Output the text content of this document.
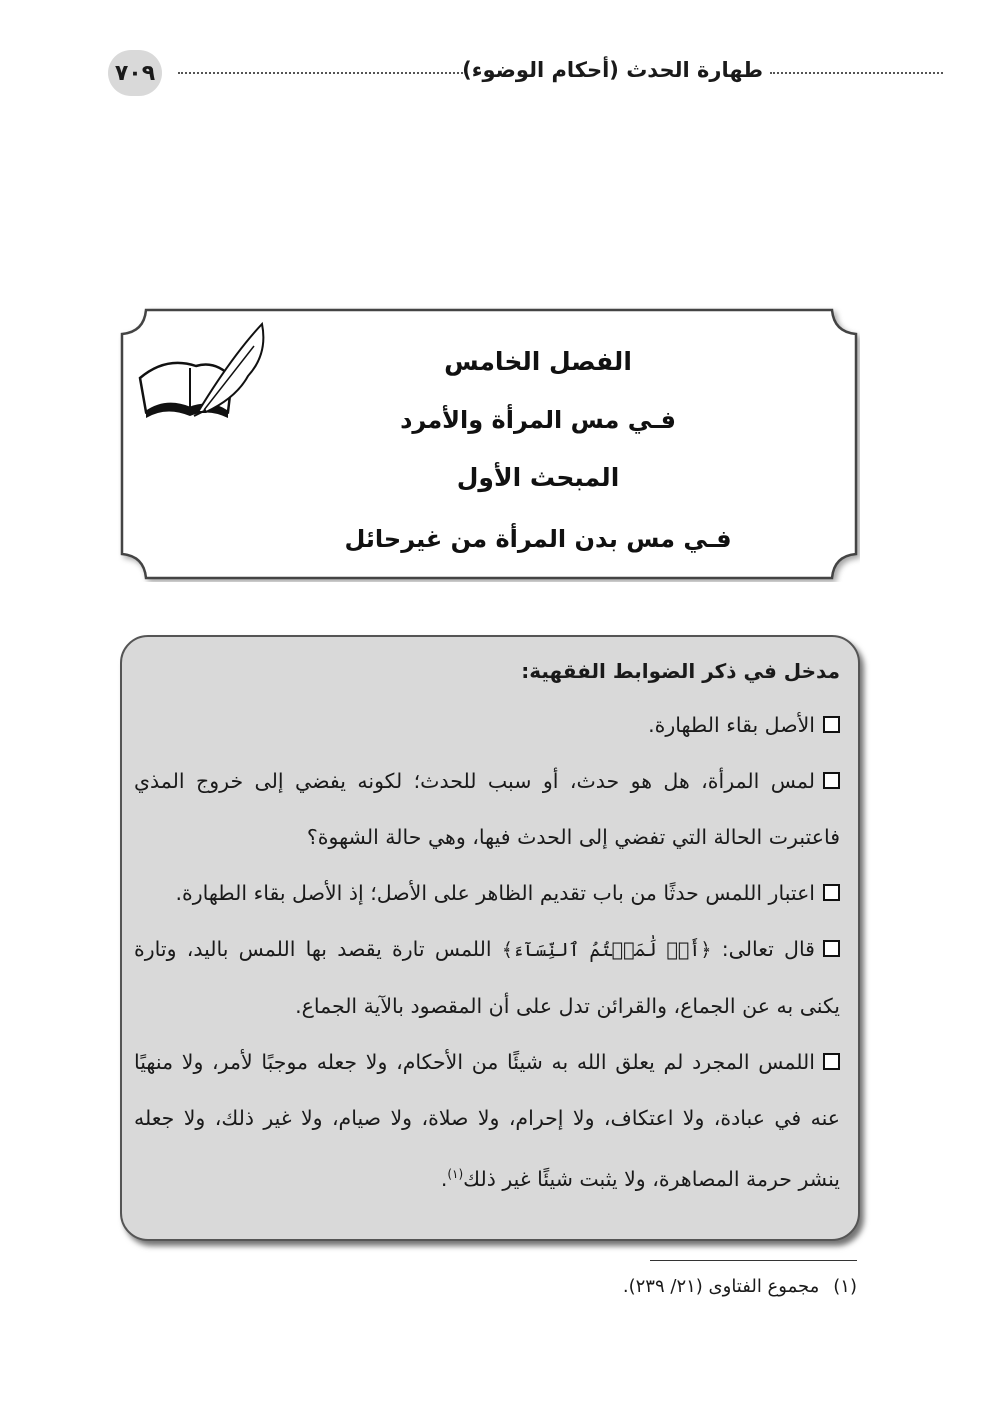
٧٠٩	طهارة الحدث (أحكام الوضوء)
الفصل الخامس
فـي مس المرأة والأمرد
المبحث الأول
فـي مس بدن المرأة من غيرحائل
مدخل في ذكر الضوابط الفقهية:

الأصل بقاء الطهارة.

لمس المرأة، هل هو حدث، أو سبب للحدث؛ لكونه يفضي إلى خروج المذي فاعتبرت الحالة التي تفضي إلى الحدث فيها، وهي حالة الشهوة؟

اعتبار اللمس حدثًا من باب تقديم الظاهر على الأصل؛ إذ الأصل بقاء الطهارة.

قال تعالى: ﴿أَوۡ لَٰمَسۡتُمُ ٱلنِّسَآءَ﴾ اللمس تارة يقصد بها اللمس باليد، وتارة يكنى به عن الجماع، والقرائن تدل على أن المقصود بالآية الجماع.

اللمس المجرد لم يعلق الله به شيئًا من الأحكام، ولا جعله موجبًا لأمر، ولا منهيًا عنه في عبادة، ولا اعتكاف، ولا إحرام، ولا صلاة، ولا صيام، ولا غير ذلك، ولا جعله ينشر حرمة المصاهرة، ولا يثبت شيئًا غير ذلك$^{(١)}$.

(١)مجموع الفتاوى (٢١/ ٢٣٩).
